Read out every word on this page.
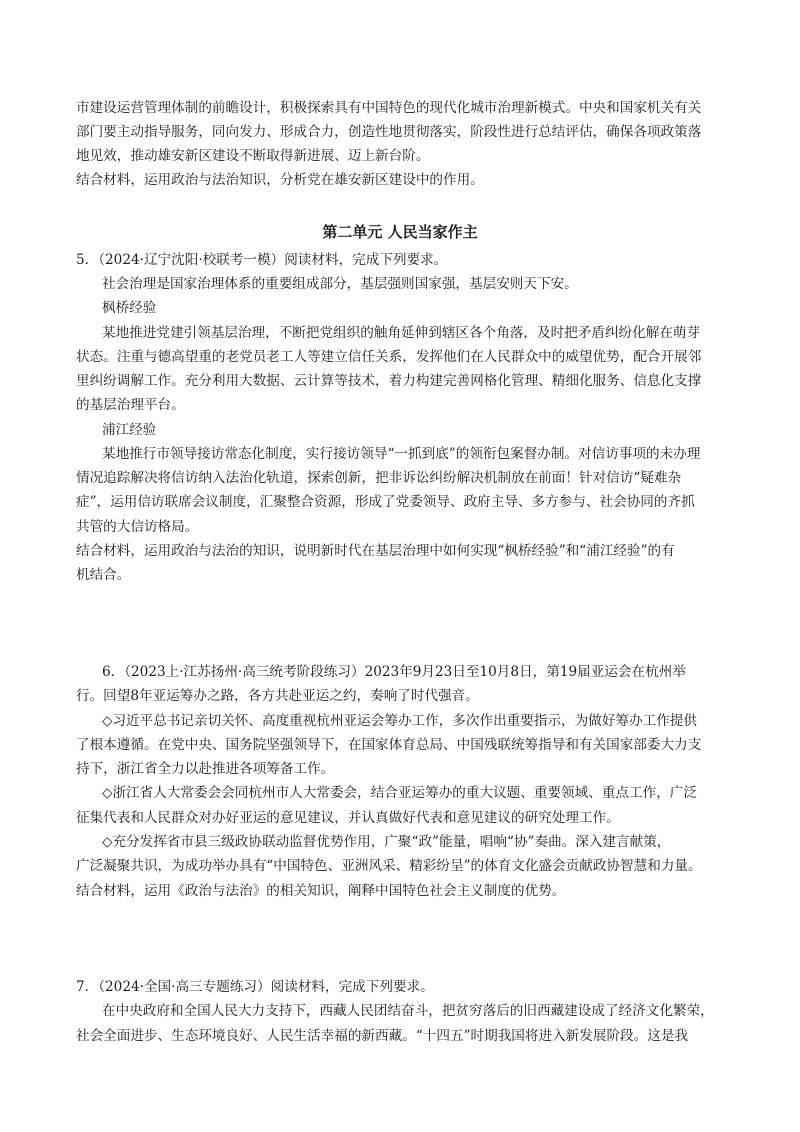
市建设运营管理体制的前瞻设计，积极探索具有中国特色的现代化城市治理新模式。中央和国家机关有关
部门要主动指导服务，同向发力、形成合力，创造性地贯彻落实，阶段性进行总结评估，确保各项政策落
地见效，推动雄安新区建设不断取得新进展、迈上新台阶。
结合材料，运用政治与法治知识，分析党在雄安新区建设中的作用。
第二单元 人民当家作主
5．（2024·辽宁沈阳·校联考一模）阅读材料，完成下列要求。
社会治理是国家治理体系的重要组成部分，基层强则国家强，基层安则天下安。
枫桥经验
某地推进党建引领基层治理，不断把党组织的触角延伸到辖区各个角落，及时把矛盾纠纷化解在萌芽
状态。注重与德高望重的老党员老工人等建立信任关系，发挥他们在人民群众中的威望优势，配合开展邻
里纠纷调解工作。充分利用大数据、云计算等技术，着力构建完善网格化管理、精细化服务、信息化支撑
的基层治理平台。
浦江经验
某地推行市领导接访常态化制度，实行接访领导“一抓到底”的领衔包案督办制。对信访事项的未办理
情况追踪解决将信访纳入法治化轨道，探索创新，把非诉讼纠纷解决机制放在前面！针对信访“疑难杂
症”，运用信访联席会议制度，汇聚整合资源，形成了党委领导、政府主导、多方参与、社会协同的齐抓
共管的大信访格局。
结合材料，运用政治与法治的知识，说明新时代在基层治理中如何实现“枫桥经验”和“浦江经验”的有
机结合。
6．（2023上·江苏扬州·高三统考阶段练习）2023年9月23日至10月8日，第19届亚运会在杭州举
行。回望8年亚运筹办之路，各方共赴亚运之约，奏响了时代强音。
◇习近平总书记亲切关怀、高度重视杭州亚运会筹办工作，多次作出重要指示，为做好筹办工作提供
了根本遵循。在党中央、国务院坚强领导下，在国家体育总局、中国残联统筹指导和有关国家部委大力支
持下，浙江省全力以赴推进各项筹备工作。
◇浙江省人大常委会会同杭州市人大常委会，结合亚运筹办的重大议题、重要领域、重点工作，广泛
征集代表和人民群众对办好亚运的意见建议，并认真做好代表和意见建议的研究处理工作。
◇充分发挥省市县三级政协联动监督优势作用，广聚“政”能量，唱响“协”奏曲。深入建言献策，
广泛凝聚共识，为成功举办具有“中国特色、亚洲风采、精彩纷呈”的体育文化盛会贡献政协智慧和力量。
结合材料，运用《政治与法治》的相关知识，阐释中国特色社会主义制度的优势。
7．（2024·全国·高三专题练习）阅读材料，完成下列要求。
在中央政府和全国人民大力支持下，西藏人民团结奋斗，把贫穷落后的旧西藏建设成了经济文化繁荣，
社会全面进步、生态环境良好、人民生活幸福的新西藏。“十四五”时期我国将进入新发展阶段。这是我
